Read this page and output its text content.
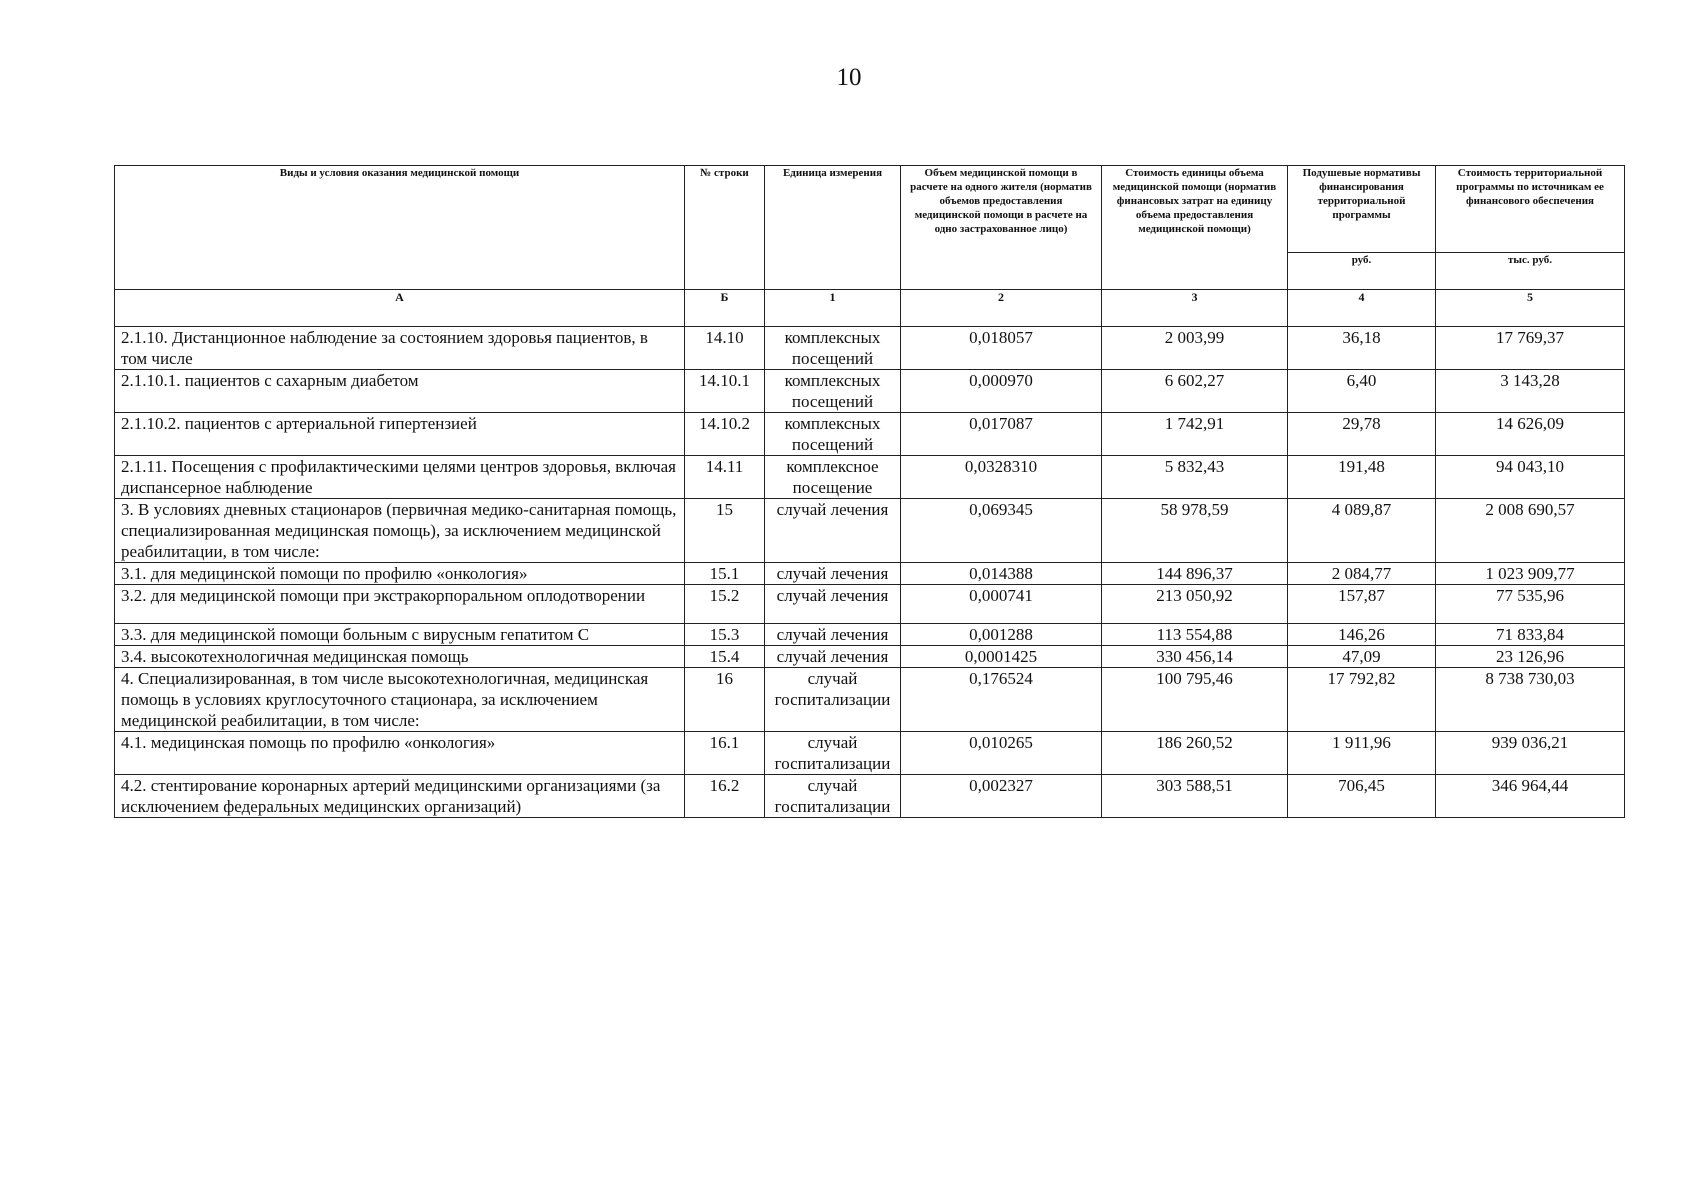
10
Виды и условия оказания медицинской помощи	№ строки	Единица измерения	Объем медицинской помощи в расчете на одного жителя (норматив объемов предоставления медицинской помощи в расчете на одно застрахованное лицо)	Стоимость единицы объема медицинской помощи (норматив финансовых затрат на единицу объема предоставления медицинской помощи)	Подушевые нормативы финансирования территориальной программы	Стоимость территориальной программы по источникам ее финансового обеспечения
					руб.	тыс. руб.
А	Б	1	2	3	4	5
2.1.10. Дистанционное наблюдение за состоянием здоровья пациентов, в том числе	14.10	комплексных посещений	0,018057	2 003,99	36,18	17 769,37
2.1.10.1. пациентов с сахарным диабетом	14.10.1	комплексных посещений	0,000970	6 602,27	6,40	3 143,28
2.1.10.2. пациентов с артериальной гипертензией	14.10.2	комплексных посещений	0,017087	1 742,91	29,78	14 626,09
2.1.11. Посещения с профилактическими целями центров здоровья, включая диспансерное наблюдение	14.11	комплексное посещение	0,0328310	5 832,43	191,48	94 043,10
3. В условиях дневных стационаров (первичная медико-санитарная помощь, специализированная медицинская помощь), за исключением медицинской реабилитации, в том числе:	15	случай лечения	0,069345	58 978,59	4 089,87	2 008 690,57
3.1. для медицинской помощи по профилю «онкология»	15.1	случай лечения	0,014388	144 896,37	2 084,77	1 023 909,77
3.2. для медицинской помощи при экстракорпоральном оплодотворении	15.2	случай лечения	0,000741	213 050,92	157,87	77 535,96
3.3. для медицинской помощи больным с вирусным гепатитом С	15.3	случай лечения	0,001288	113 554,88	146,26	71 833,84
3.4. высокотехнологичная медицинская помощь	15.4	случай лечения	0,0001425	330 456,14	47,09	23 126,96
4. Специализированная, в том числе высокотехнологичная, медицинская помощь в условиях круглосуточного стационара, за исключением медицинской реабилитации, в том числе:	16	случай госпитализации	0,176524	100 795,46	17 792,82	8 738 730,03
4.1. медицинская помощь по профилю «онкология»	16.1	случай госпитализации	0,010265	186 260,52	1 911,96	939 036,21
4.2. стентирование коронарных артерий медицинскими организациями (за исключением федеральных медицинских организаций)	16.2	случай госпитализации	0,002327	303 588,51	706,45	346 964,44
